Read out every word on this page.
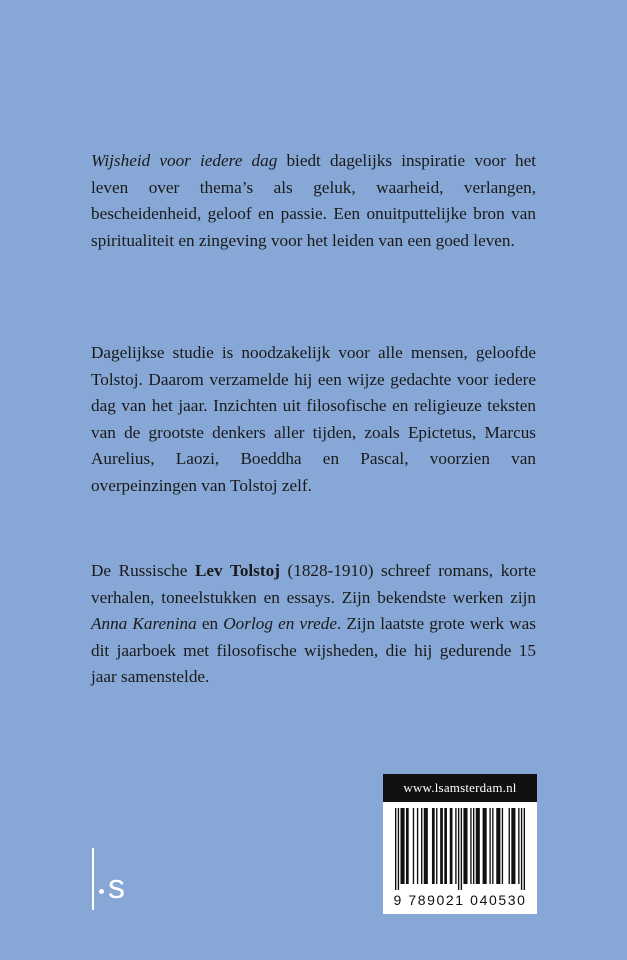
Wijsheid voor iedere dag biedt dagelijks inspiratie voor het leven over thema’s als geluk, waarheid, verlangen, bescheidenheid, geloof en passie. Een onuitputtelijke bron van spiritualiteit en zingeving voor het leiden van een goed leven.

Dagelijkse studie is noodzakelijk voor alle mensen, geloofde Tolstoj. Daarom verzamelde hij een wijze gedachte voor iedere dag van het jaar. Inzichten uit filosofische en religieuze teksten van de grootste denkers aller tijden, zoals Epictetus, Marcus Aurelius, Laozi, Boeddha en Pascal, voorzien van overpeinzingen van Tolstoj zelf.

De Russische Lev Tolstoj (1828-1910) schreef romans, korte verhalen, toneelstukken en essays. Zijn bekendste werken zijn Anna Karenina en Oorlog en vrede. Zijn laatste grote werk was dit jaarboek met filosofische wijsheden, die hij gedurende 15 jaar samenstelde.

s
www.lsamsterdam.nl
9 789021 040530
